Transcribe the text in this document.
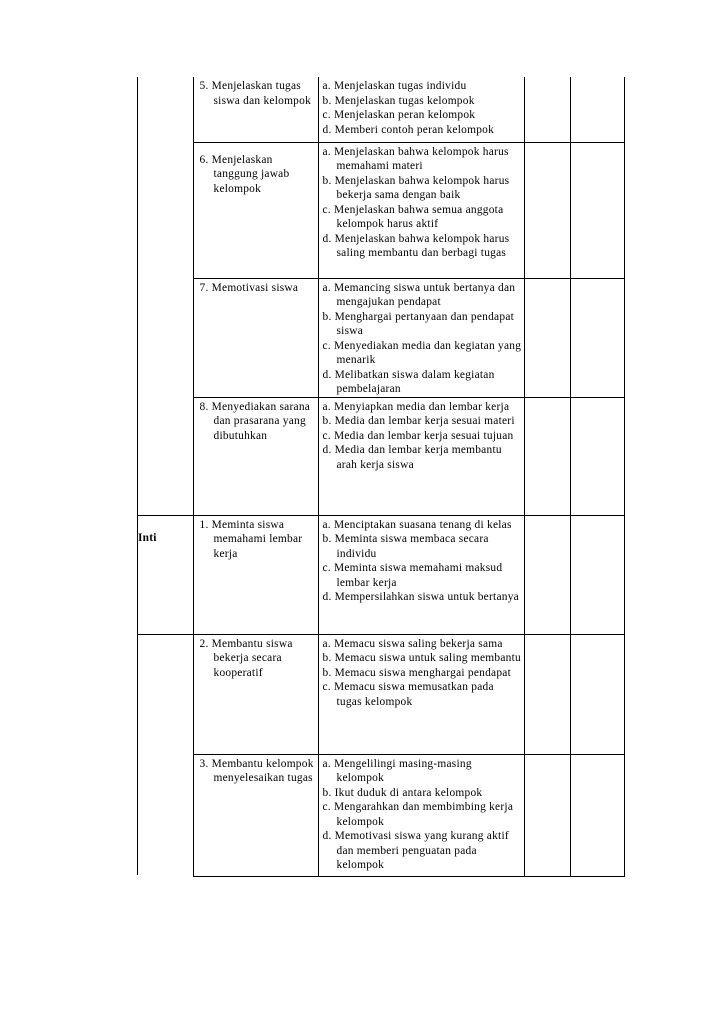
	5. Menjelaskan tugas siswa dan kelompok	a. Menjelaskan tugas individu
b. Menjelaskan tugas kelompok
c. Menjelaskan peran kelompok
d. Memberi contoh peran kelompok		

	6. Menjelaskan tanggung jawab kelompok	a. Menjelaskan bahwa kelompok harus memahami materi
b. Menjelaskan bahwa kelompok harus bekerja sama dengan baik
c. Menjelaskan bahwa semua anggota kelompok harus aktif
d. Menjelaskan bahwa kelompok harus saling membantu dan berbagi tugas		

	7. Memotivasi siswa	a. Memancing siswa untuk bertanya dan mengajukan pendapat
b. Menghargai pertanyaan dan pendapat siswa
c. Menyediakan media dan kegiatan yang menarik
d. Melibatkan siswa dalam kegiatan pembelajaran		

	8. Menyediakan sarana dan prasarana yang dibutuhkan	a. Menyiapkan media dan lembar kerja
b. Media dan lembar kerja sesuai materi
c. Media dan lembar kerja sesuai tujuan
d. Media dan lembar kerja membantu arah kerja siswa		

Inti	1. Meminta siswa memahami lembar kerja	a. Menciptakan suasana tenang di kelas
b. Meminta siswa membaca secara individu
c. Meminta siswa memahami maksud lembar kerja
d. Mempersilahkan siswa untuk bertanya		

	2. Membantu siswa bekerja secara kooperatif	a. Memacu siswa saling bekerja sama
b. Memacu siswa untuk saling membantu
b. Memacu siswa menghargai pendapat
c. Memacu siswa memusatkan pada tugas kelompok		

	3. Membantu kelompok menyelesaikan tugas	a. Mengelilingi masing-masing kelompok
b. Ikut duduk di antara kelompok
c. Mengarahkan dan membimbing kerja kelompok
d. Memotivasi siswa yang kurang aktif dan memberi penguatan pada kelompok		
